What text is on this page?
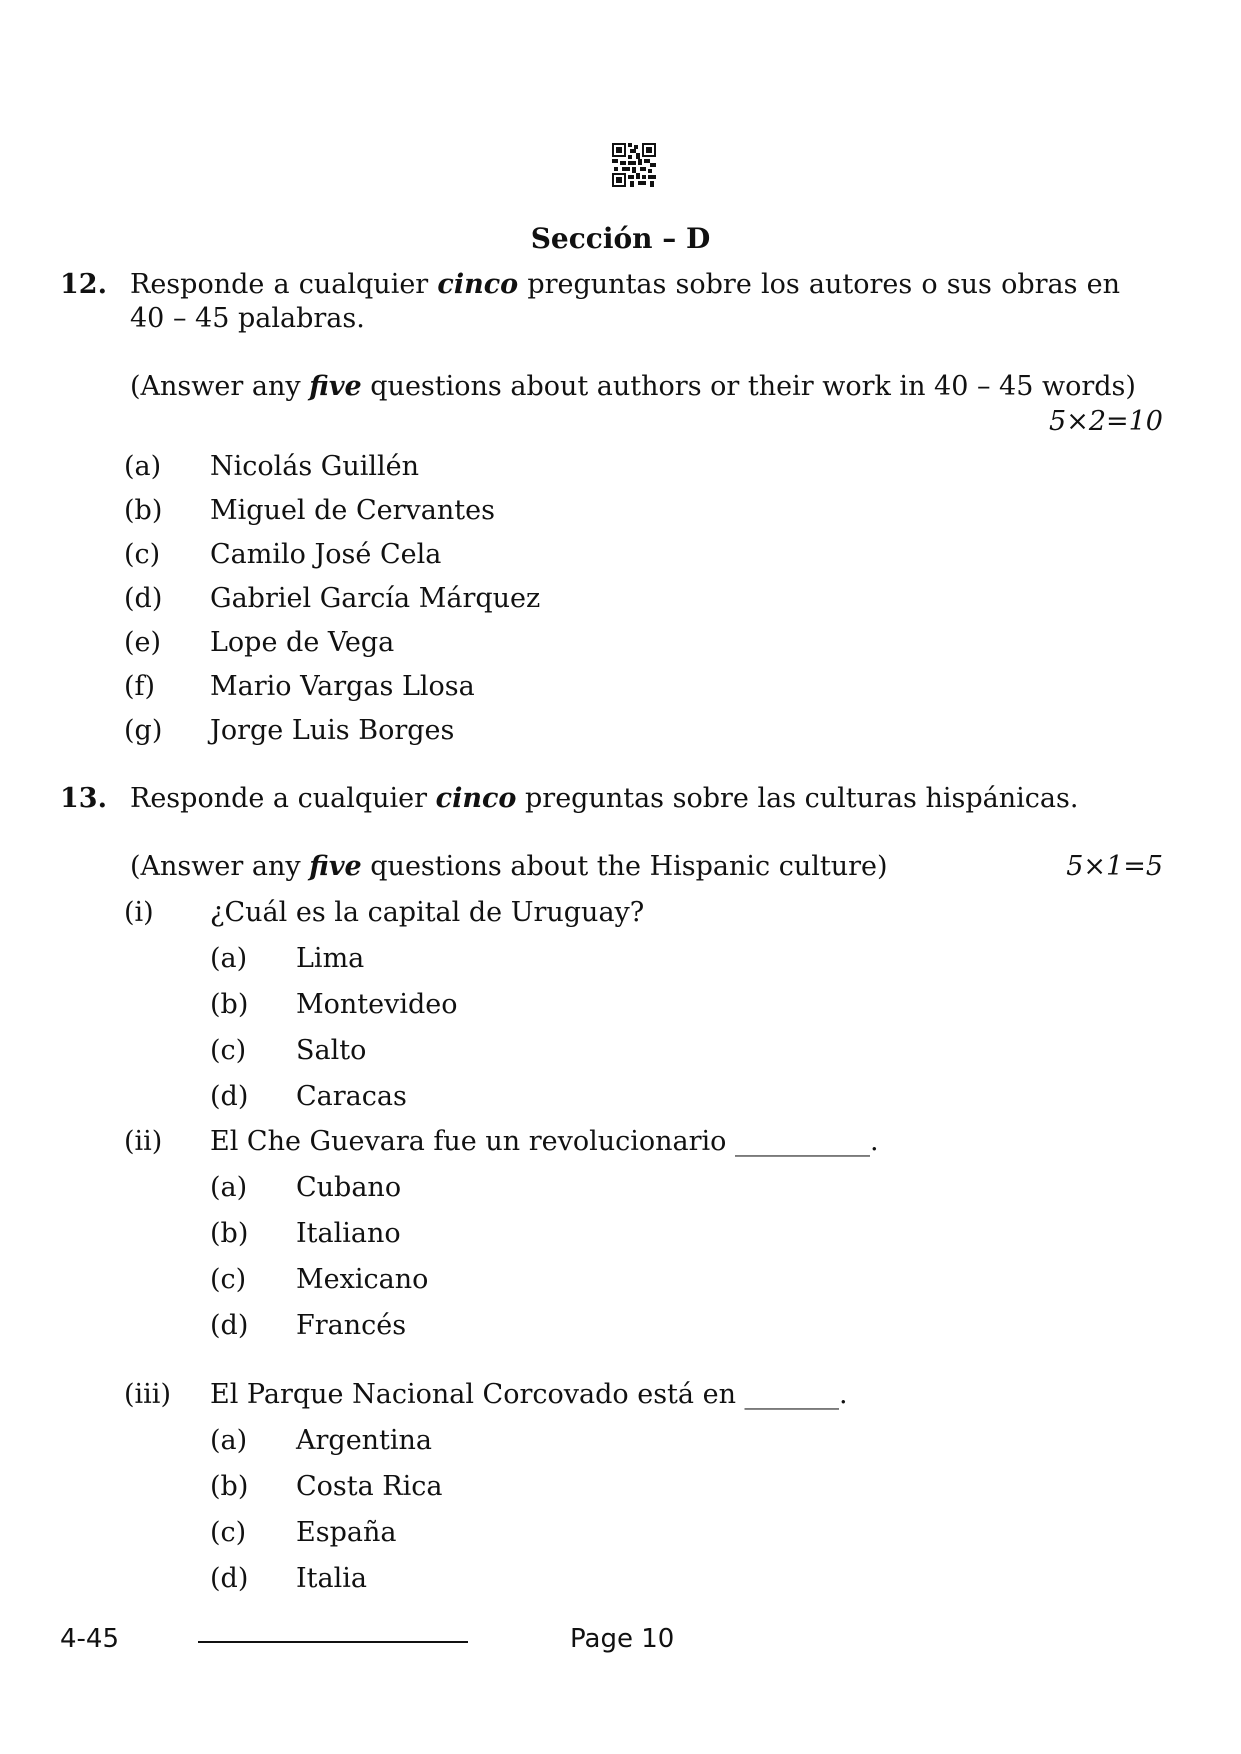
Sección – D
12. Responde a cualquier cinco preguntas sobre los autores o sus obras en 40 – 45 palabras.
(Answer any five questions about authors or their work in 40 – 45 words)
5×2=10
(a) Nicolás Guillén
(b) Miguel de Cervantes
(c) Camilo José Cela
(d) Gabriel García Márquez
(e) Lope de Vega
(f) Mario Vargas Llosa
(g) Jorge Luis Borges
13. Responde a cualquier cinco preguntas sobre las culturas hispánicas.
(Answer any five questions about the Hispanic culture)	5×1=5
(i) ¿Cuál es la capital de Uruguay?
(a) Lima
(b) Montevideo
(c) Salto
(d) Caracas
(ii) El Che Guevara fue un revolucionario __________.
(a) Cubano
(b) Italiano
(c) Mexicano
(d) Francés
(iii) El Parque Nacional Corcovado está en _______.
(a) Argentina
(b) Costa Rica
(c) España
(d) Italia
4-45	Page 10
